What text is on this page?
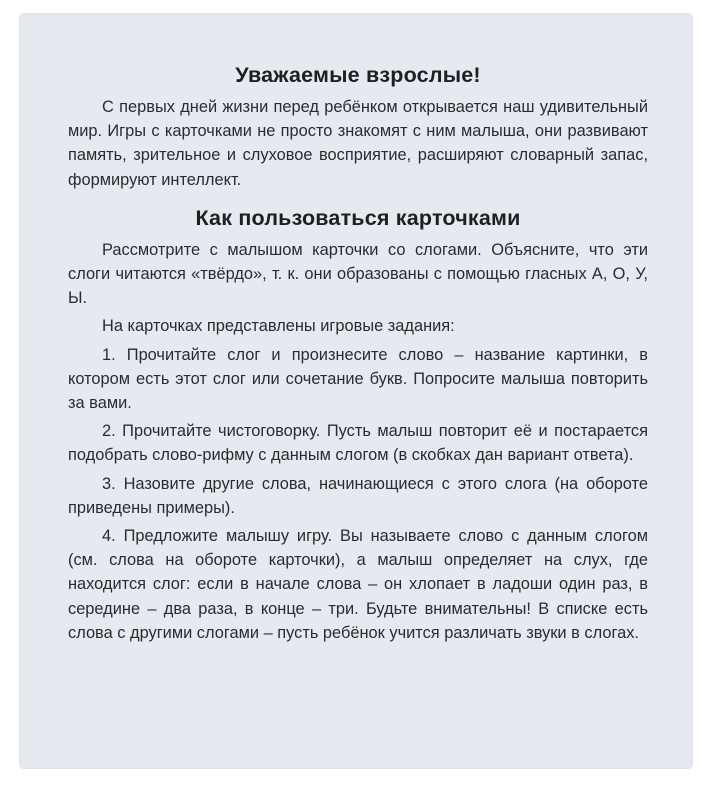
Уважаемые взрослые!

С первых дней жизни перед ребёнком открывается наш удивительный мир. Игры с карточками не просто знакомят с ним малыша, они развивают память, зрительное и слуховое восприятие, расширяют словарный запас, формируют интеллект.

Как пользоваться карточками

Рассмотрите с малышом карточки со слогами. Объясните, что эти слоги читаются «твёрдо», т. к. они образованы с помощью гласных А, О, У, Ы.

На карточках представлены игровые задания:

1. Прочитайте слог и произнесите слово – название картинки, в котором есть этот слог или сочетание букв. Попросите малыша повторить за вами.

2. Прочитайте чистоговорку. Пусть малыш повторит её и постарается подобрать слово-рифму с данным слогом (в скобках дан вариант ответа).

3. Назовите другие слова, начинающиеся с этого слога (на обороте приведены примеры).

4. Предложите малышу игру. Вы называете слово с данным слогом (см. слова на обороте карточки), а малыш определяет на слух, где находится слог: если в начале слова – он хлопает в ладоши один раз, в середине – два раза, в конце – три. Будьте внимательны! В списке есть слова с другими слогами – пусть ребёнок учится различать звуки в слогах.
